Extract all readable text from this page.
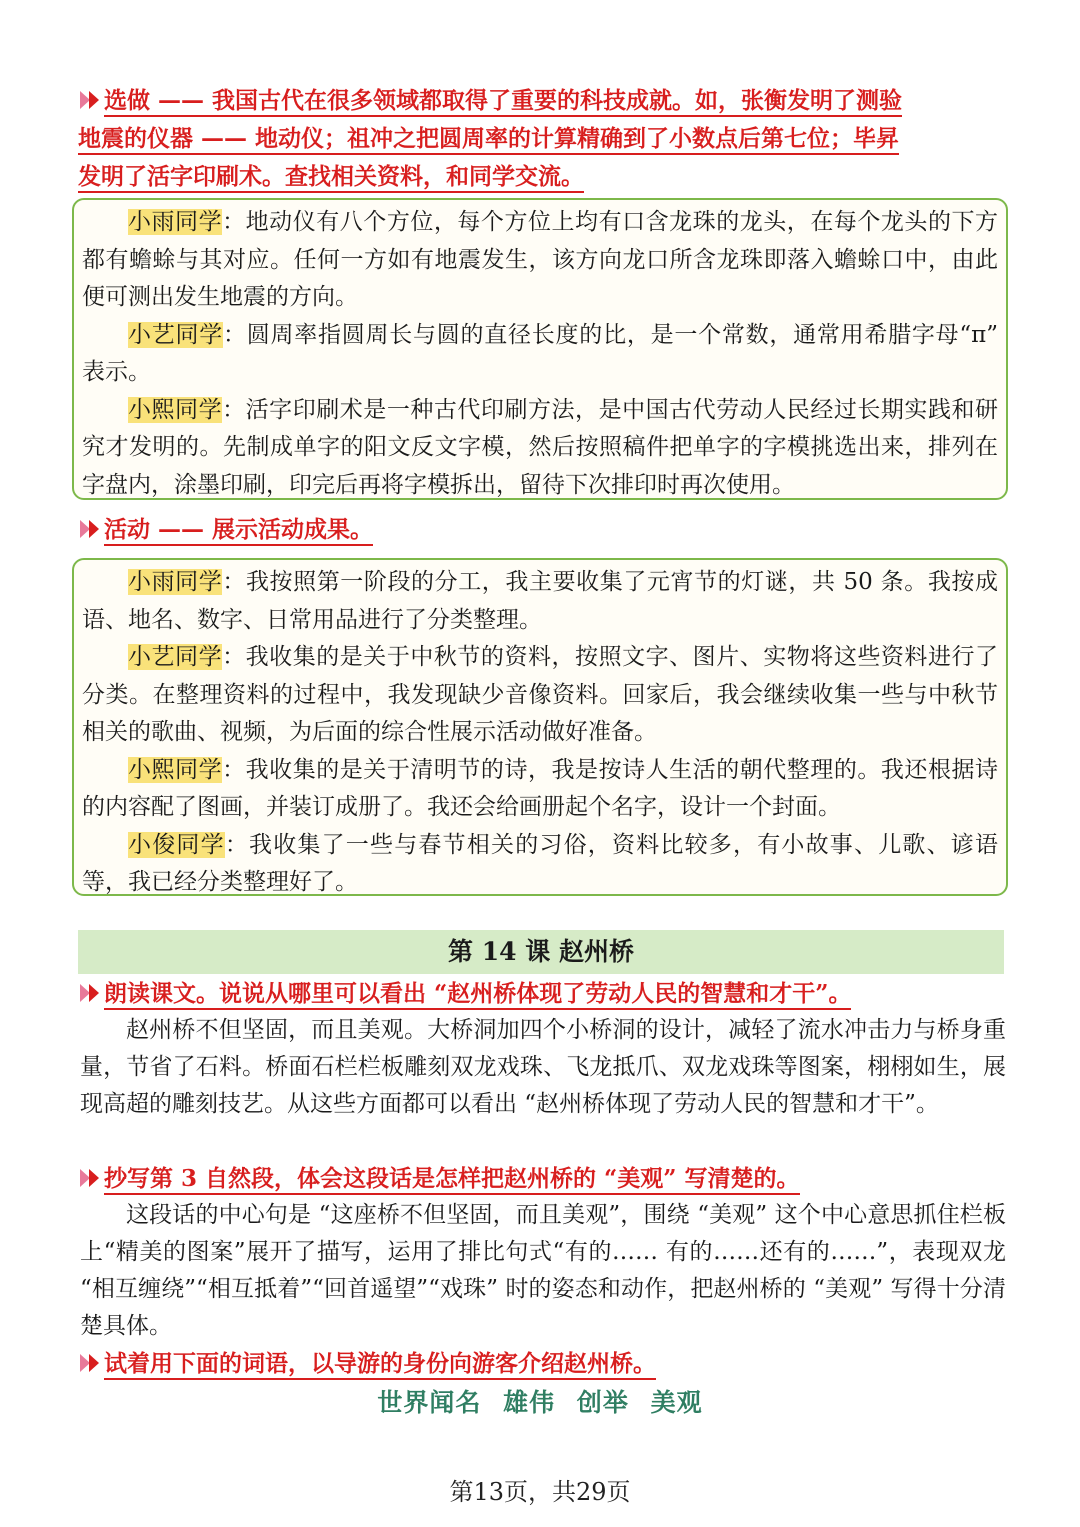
选做 —— 我国古代在很多领域都取得了重要的科技成就。如，张衡发明了测验
地震的仪器 —— 地动仪；祖冲之把圆周率的计算精确到了小数点后第七位；毕昇
发明了活字印刷术。查找相关资料，和同学交流。

小雨同学：地动仪有八个方位，每个方位上均有口含龙珠的龙头，在每个龙头的下方都有蟾蜍与其对应。任何一方如有地震发生，该方向龙口所含龙珠即落入蟾蜍口中，由此便可测出发生地震的方向。

小艺同学：圆周率指圆周长与圆的直径长度的比，是一个常数，通常用希腊字母“π” 表示。

小熙同学：活字印刷术是一种古代印刷方法，是中国古代劳动人民经过长期实践和研究才发明的。先制成单字的阳文反文字模，然后按照稿件把单字的字模挑选出来，排列在字盘内，涂墨印刷，印完后再将字模拆出，留待下次排印时再次使用。

活动 —— 展示活动成果。

小雨同学：我按照第一阶段的分工，我主要收集了元宵节的灯谜，共 50 条。我按成语、地名、数字、日常用品进行了分类整理。

小艺同学：我收集的是关于中秋节的资料，按照文字、图片、实物将这些资料进行了分类。在整理资料的过程中，我发现缺少音像资料。回家后，我会继续收集一些与中秋节相关的歌曲、视频，为后面的综合性展示活动做好准备。

小熙同学：我收集的是关于清明节的诗，我是按诗人生活的朝代整理的。我还根据诗的内容配了图画，并装订成册了。我还会给画册起个名字，设计一个封面。

小俊同学：我收集了一些与春节相关的习俗，资料比较多，有小故事、儿歌、谚语等，我已经分类整理好了。

第 14 课 赵州桥
朗读课文。说说从哪里可以看出 “赵州桥体现了劳动人民的智慧和才干”。

赵州桥不但坚固，而且美观。大桥洞加四个小桥洞的设计，减轻了流水冲击力与桥身重量，节省了石料。桥面石栏栏板雕刻双龙戏珠、飞龙抵爪、双龙戏珠等图案，栩栩如生，展现高超的雕刻技艺。从这些方面都可以看出 “赵州桥体现了劳动人民的智慧和才干”。

抄写第 3 自然段，体会这段话是怎样把赵州桥的 “美观” 写清楚的。

这段话的中心句是 “这座桥不但坚固，而且美观”，围绕 “美观” 这个中心意思抓住栏板上“精美的图案”展开了描写，运用了排比句式“有的…… 有的……还有的……”，表现双龙 “相互缠绕”“相互抵着”“回首遥望”“戏珠” 时的姿态和动作，把赵州桥的 “美观” 写得十分清楚具体。

试着用下面的词语，以导游的身份向游客介绍赵州桥。
世界闻名 雄伟 创举 美观
第13页，共29页
